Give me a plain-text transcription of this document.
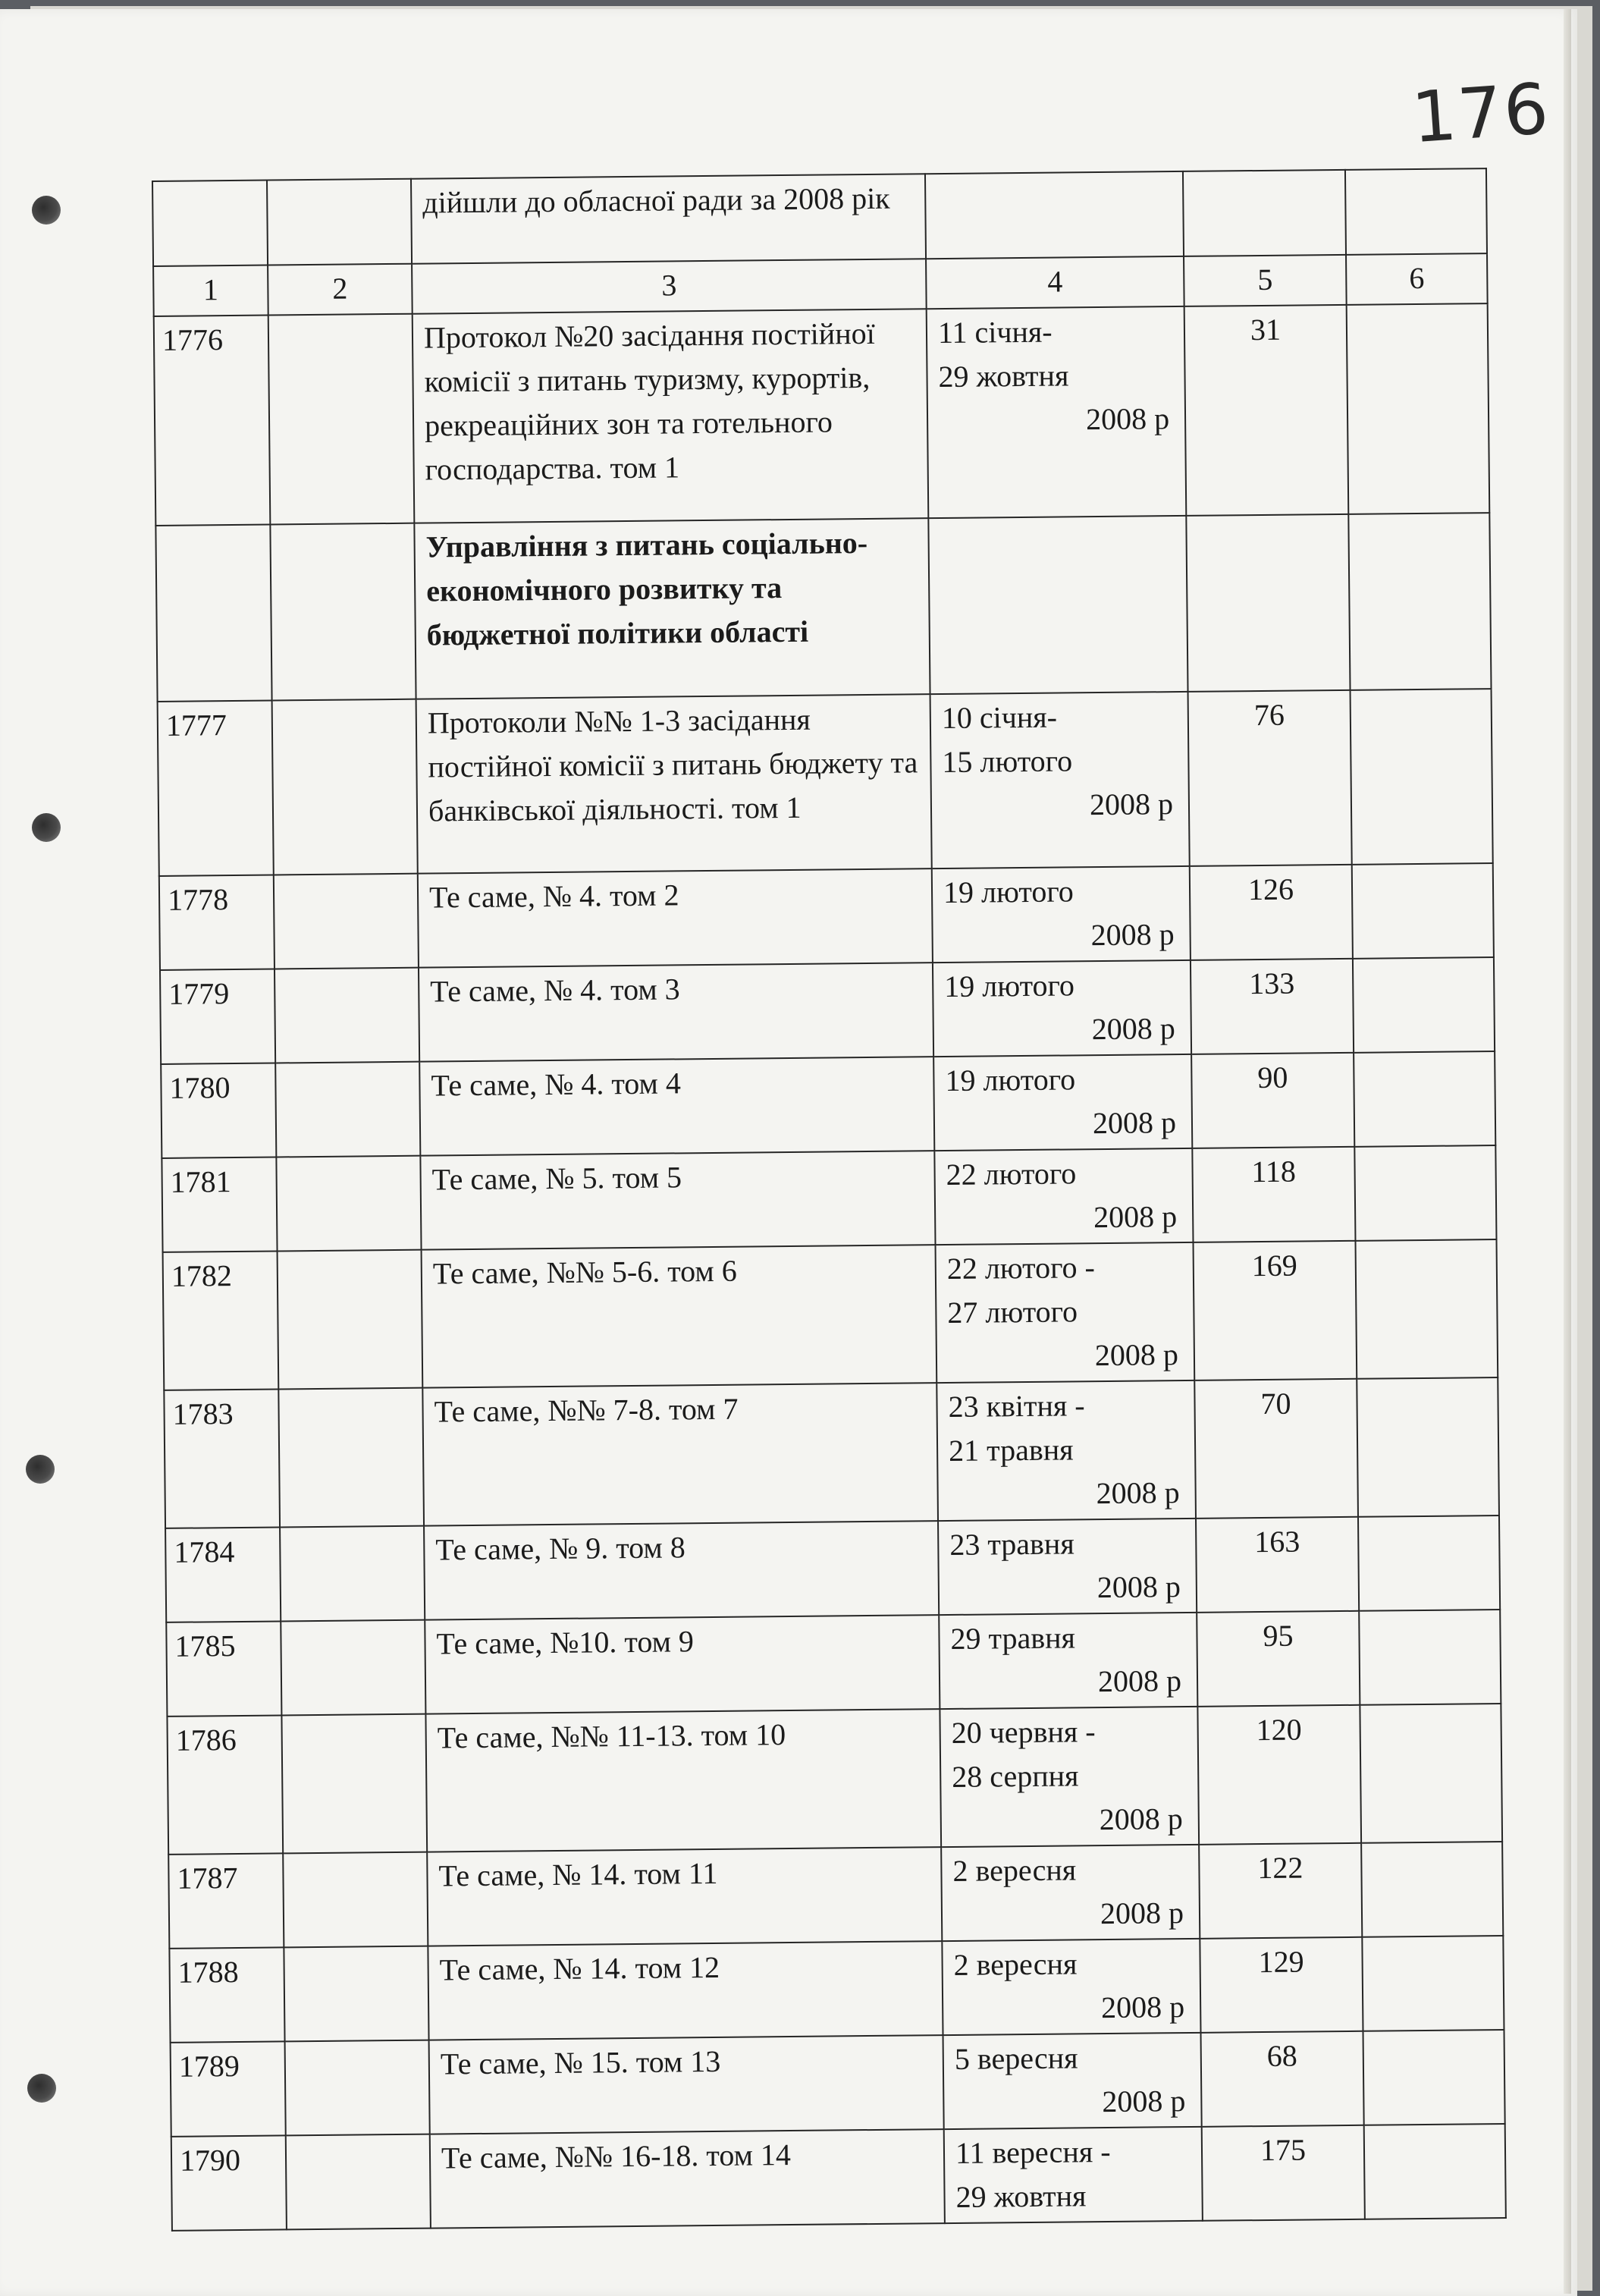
176
		дійшли до обласної ради за 2008 рік			
1	2	3	4	5	6
1776		Протокол №20 засідання постійної комісії з питань туризму, курортів, рекреаційних зон та готельного господарства. том 1	11 січня-
29 жовтня
2008 р	31	
		Управління з питань соціально-економічного розвитку та бюджетної політики області			
1777		Протоколи №№ 1-3 засідання постійної комісії з питань бюджету та банківської діяльності. том 1	10 січня-
15 лютого
2008 р	76	
1778		Те саме, № 4. том 2	19 лютого
2008 р	126	
1779		Те саме, № 4. том 3	19 лютого
2008 р	133	
1780		Те саме, № 4. том 4	19 лютого
2008 р	90	
1781		Те саме, № 5. том 5	22 лютого
2008 р	118	
1782		Те саме, №№ 5-6. том 6	22 лютого -
27 лютого
2008 р	169	
1783		Те саме, №№ 7-8. том 7	23 квітня -
21 травня
2008 р	70	
1784		Те саме, № 9. том 8	23 травня
2008 р	163	
1785		Те саме, №10. том 9	29 травня
2008 р	95	
1786		Те саме, №№ 11-13. том 10	20 червня -
28 серпня
2008 р	120	
1787		Те саме, № 14. том 11	2 вересня
2008 р	122	
1788		Те саме, № 14. том 12	2 вересня
2008 р	129	
1789		Те саме, № 15. том 13	5 вересня
2008 р	68	
1790		Те саме, №№ 16-18. том 14	11 вересня -
29 жовтня	175	
